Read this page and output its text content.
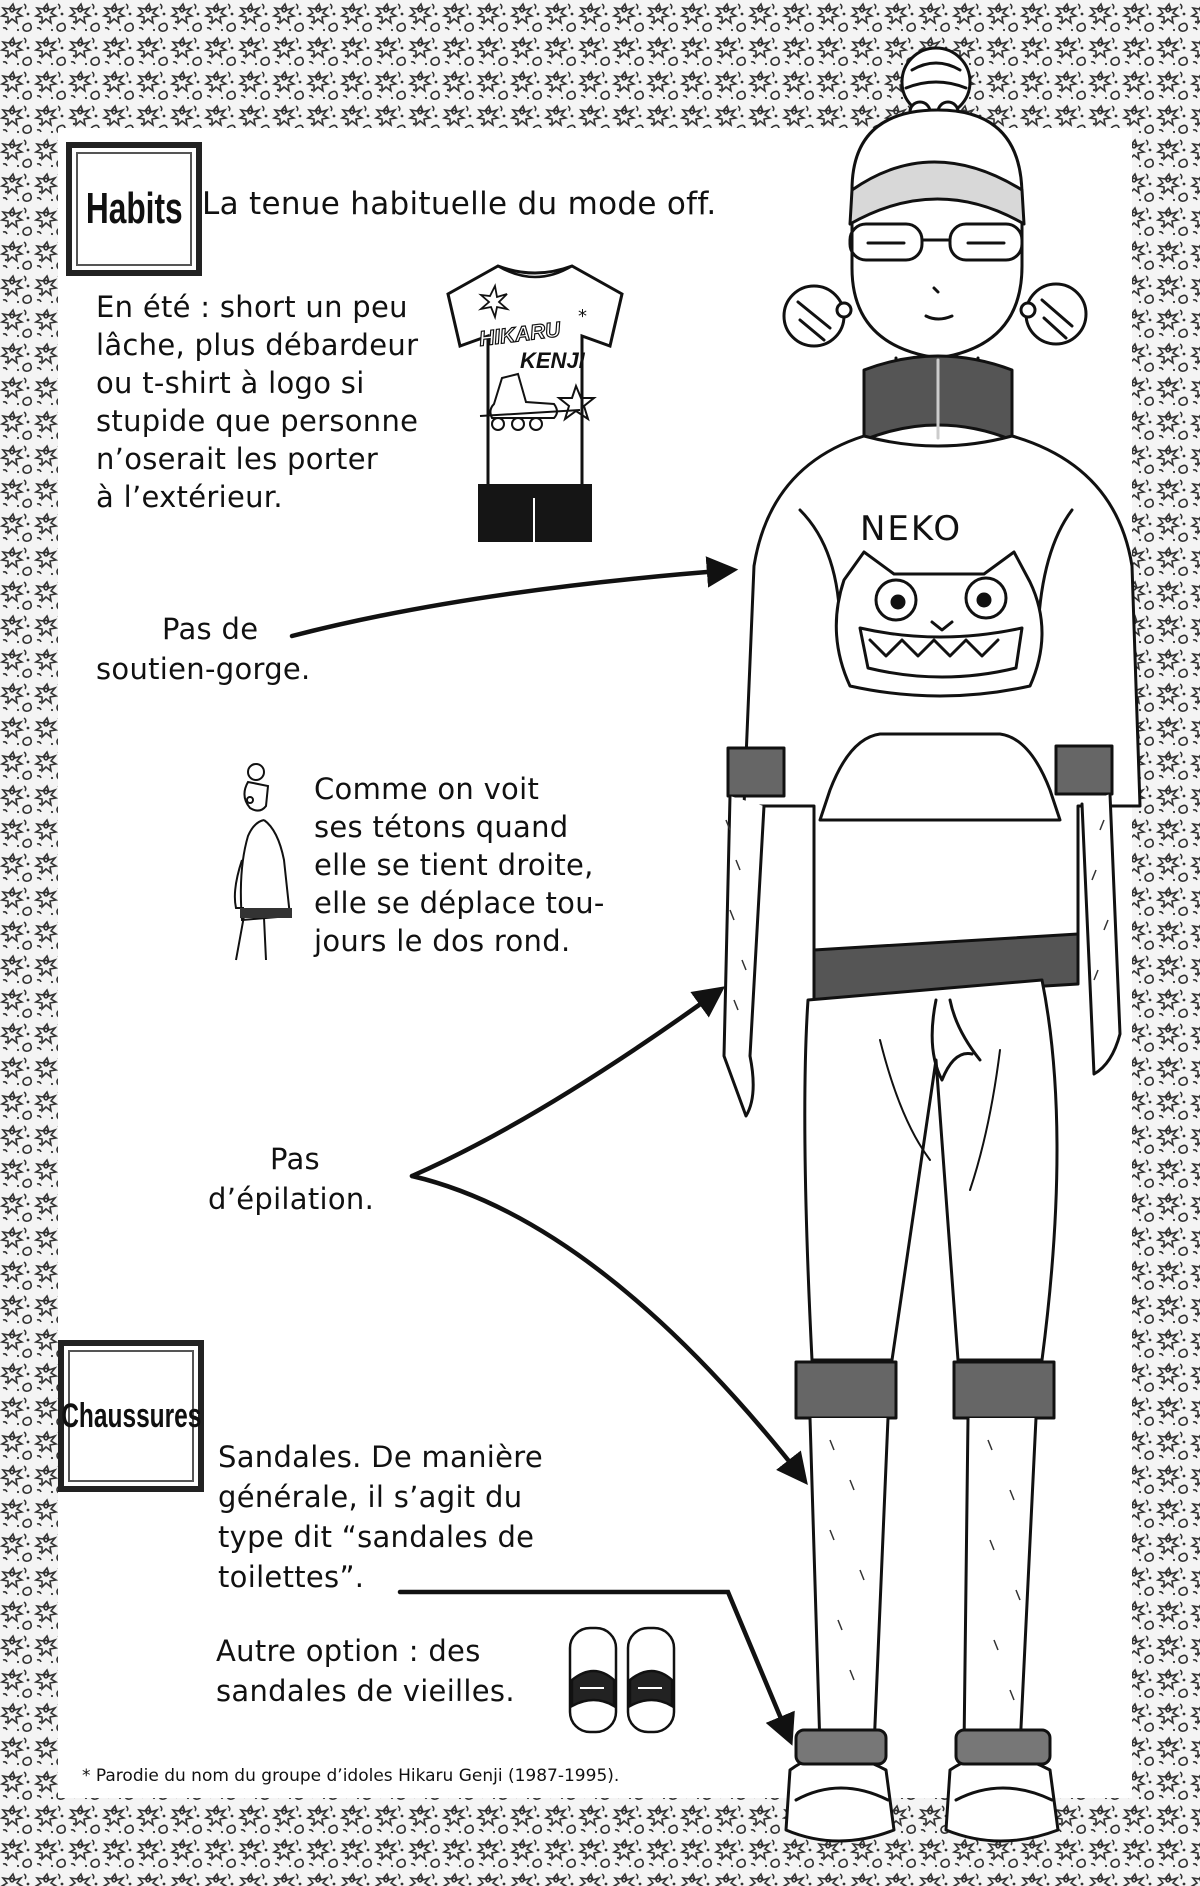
Habits La tenue habituelle du mode off.

En été : short un peu

lâche, plus débardeur

ou t-shirt à logo si

stupide que personne

n’oserait les porter

à l’extérieur.

*
HIKARU
KENJI

Pas de

soutien-gorge.

Comme on voit

ses tétons quand

elle se tient droite,

elle se déplace tou-

jours le dos rond.

Pas

d’épilation.

Chaussures

Sandales. De manière

générale, il s’agit du

type dit “sandales de

toilettes”.

Autre option : des

sandales de vieilles.

* Parodie du nom du groupe d’idoles Hikaru Genji (1987-1995).

NEKO
